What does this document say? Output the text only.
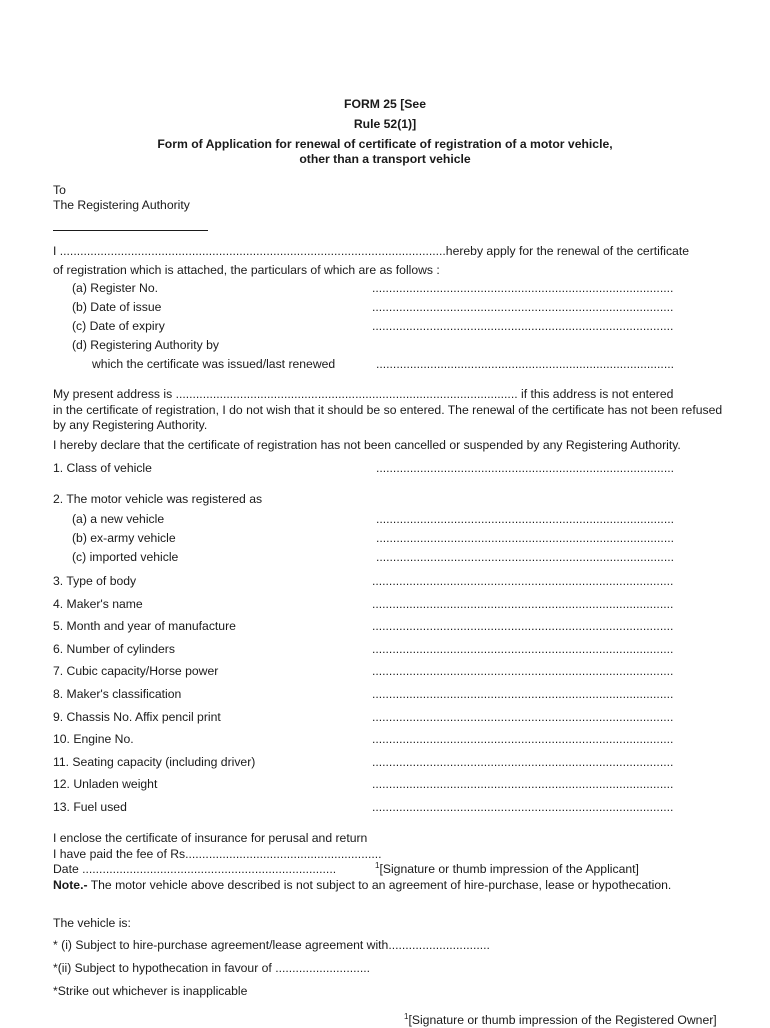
FORM 25 [See
Rule 52(1)]
Form of Application for renewal of certificate of registration of a motor vehicle,
other than a transport vehicle
To
The Registering Authority
I ..................................................................................................................hereby apply for the renewal of the certificate
of registration which is attached, the particulars of which are as follows :
(a) Register No.	.........................................................................................
(b) Date of issue	.........................................................................................
(c) Date of expiry	.........................................................................................
(d) Registering Authority by
which the certificate was issued/last renewed	........................................................................................
My present address is ..................................................................................................... if this address is not entered
in the certificate of registration, I do not wish that it should be so entered. The renewal of the certificate has not been refused
by any Registering Authority.
I hereby declare that the certificate of registration has not been cancelled or suspended by any Registering Authority.
1. Class of vehicle	........................................................................................
2. The motor vehicle was registered as
(a) a new vehicle	........................................................................................
(b) ex-army vehicle	........................................................................................
(c) imported vehicle	........................................................................................
3. Type of body	.........................................................................................
4. Maker's name	.........................................................................................
5. Month and year of manufacture	.........................................................................................
6. Number of cylinders	.........................................................................................
7. Cubic capacity/Horse power	.........................................................................................
8. Maker's classification	.........................................................................................
9. Chassis No. Affix pencil print	.........................................................................................
10. Engine No.	.........................................................................................
11. Seating capacity (including driver)	.........................................................................................
12. Unladen weight	.........................................................................................
13. Fuel used	.........................................................................................
I enclose the certificate of insurance for perusal and return
I have paid the fee of Rs..........................................................
Date ...........................................................................	$^1$[Signature or thumb impression of the Applicant]
Note.- The motor vehicle above described is not subject to an agreement of hire-purchase, lease or hypothecation.
The vehicle is:
* (i) Subject to hire-purchase agreement/lease agreement with..............................
*(ii) Subject to hypothecation in favour of ............................
*Strike out whichever is inapplicable
$^1$[Signature or thumb impression of the Registered Owner]
